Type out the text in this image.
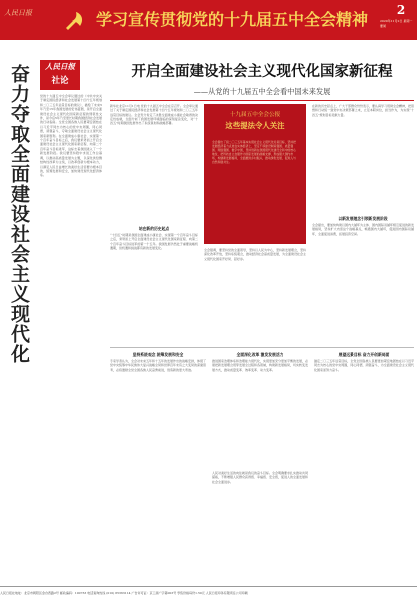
人民日报	学习宣传贯彻党的十九届五中全会精神	2
2020年11月2日 星期一 要闻
奋力夺取全面建设社会主义现代化
人民日报
社论
党的十九届五中全会审议通过的《中共中央关于制定国民经济和社会发展第十四个五年规划和二〇三五年远景目标的建议》，描绘了未来5年乃至15年我国发展的宏伟蓝图，是开启全面建设社会主义现代化国家新征程的纲领性文件，是今后5年乃至更长时期我国经济社会发展的行动指南。全党全国各族人民要紧密团结在以习近平同志为核心的党中央周围，同心同德，顽强奋斗，夺取全面建设社会主义现代化国家新胜利。在全面建成小康社会、实现第一个百年奋斗目标之后，我们要乘势而上开启全面建设社会主义现代化国家新征程、向第二个百年奋斗目标进军，这标志着我国进入了一个新发展阶段。我们要坚持稳中求进工作总基调，以推动高质量发展为主题，以深化供给侧结构性改革为主线，以改革创新为根本动力，以满足人民日益增长的美好生活需要为根本目的，统筹发展和安全，加快建设现代化经济体系。
开启全面建设社会主义现代化国家新征程
——从党的十九届五中全会看中国未来发展
新华社北京11月1日电 党的十九届五中全会在京召开。全会审议通过了关于制定国民经济和社会发展第十四个五年规划和二〇三五年远景目标的建议。全会充分肯定了决胜全面建成小康社会取得的决定性成就，全面分析了我国发展环境面临的深刻复杂变化，对“十四五”时期我国发展作出了系统谋划和战略部署。
站在新的历史起点
“十四五”时期是我国全面建成小康社会、实现第一个百年奋斗目标之后，乘势而上开启全面建设社会主义现代化国家新征程、向第二个百年奋斗目标进军的第一个五年。我国发展仍然处于重要战略机遇期，但机遇和挑战都有新的发展变化。
十九届五中全会公报
这些提法令人关注
全会提出了到二〇三五年基本实现社会主义现代化远景目标，坚持把发展经济着力点放在实体经济上，坚定不移建设制造强国、质量强国、网络强国、数字中国，坚持创新在我国现代化建设全局中的核心地位，把科技自立自强作为国家发展的战略支撑，形成强大国内市场，构建新发展格局，全面推进乡村振兴，推动绿色发展，促进人与自然和谐共生。
全会强调，要坚持党的全面领导，坚持以人民为中心，坚持新发展理念，坚持深化改革开放，坚持系统观念，推动经济社会高质量发展，为全面建设社会主义现代化国家开好局、起好步。
在新的历史起点上，广大干部群众纷纷表示，要认真学习贯彻全会精神，把思想和行动统一到党中央决策部署上来，立足本职岗位，担当作为，为实现“十四五”规划目标贡献力量。
以新发展理念引领新发展阶段
全会提出，要加快构建以国内大循环为主体、国内国际双循环相互促进的新发展格局，坚持扩大内需这个战略基点，畅通国内大循环，促进国内国际双循环，全面促进消费，拓展投资空间。
坚持系统观念 统筹发展和安全
专家学者认为，全会对未来五年和十五年的发展作出的战略安排，体现了党中央统筹中华民族伟大复兴战略全局和世界百年未有之大变局的深邃思考，必将激励全党全国各族人民奋勇前进，创造新的更大奇迹。
全面深化改革 激发发展活力
推进国家治理体系和治理能力现代化，实现更加充分更加平衡的发展，必须把新发展理念贯穿发展全过程和各领域，构建新发展格局，切实转变发展方式，推动质量变革、效率变革、动力变革。
人民对美好生活的向往就是我们的奋斗目标。全会明确要求扎实推动共同富裕，不断增强人民群众获得感、幸福感、安全感，促进人的全面发展和社会全面进步。
展望远景目标 奋力开创新局面
锚定二〇三五年远景目标，全党全国各族人民要更加紧密地团结在以习近平同志为核心的党中央周围，同心同德，顽强奋斗，为全面建设社会主义现代化国家而努力奋斗。
人民日报社地址：北京市朝阳区金台西路2号 邮政编码：100733 电话查询热线 (010) 65363114 广告许可证：京工商广字第003号 零售价格每份1.50元 人民日报印务有限责任公司印刷
